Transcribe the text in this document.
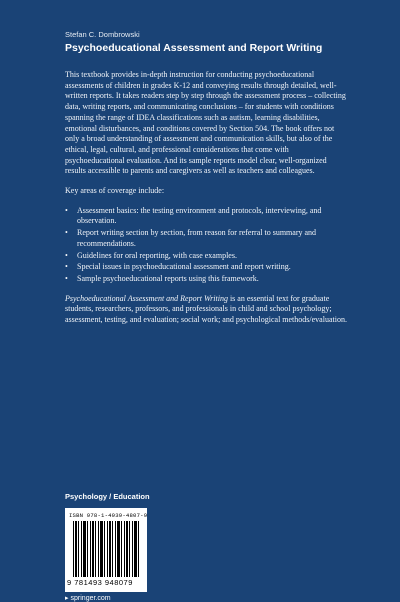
Stefan C. Dombrowski
Psychoeducational Assessment and Report Writing

This textbook provides in-depth instruction for conducting psychoeducational assessments of children in grades K-12 and conveying results through detailed, well-written reports. It takes readers step by step through the assessment process – collecting data, writing reports, and communicating conclusions – for students with conditions spanning the range of IDEA classifications such as autism, learning disabilities, emotional disturbances, and conditions covered by Section 504. The book offers not only a broad understanding of assessment and communication skills, but also of the ethical, legal, cultural, and professional considerations that come with psychoeducational evaluation. And its sample reports model clear, well-organized results accessible to parents and caregivers as well as teachers and colleagues.

Key areas of coverage include:

• Assessment basics: the testing environment and protocols, interviewing, and observation.
• Report writing section by section, from reason for referral to summary and recommendations.
• Guidelines for oral reporting, with case examples.
• Special issues in psychoeducational assessment and report writing.
• Sample psychoeducational reports using this framework.

Psychoeducational Assessment and Report Writing is an essential text for graduate students, researchers, professors, and professionals in child and school psychology; assessment, testing, and evaluation; social work; and psychological methods/evaluation.

Psychology / Education
ISBN 978-1-4939-4807-9
9 781493 948079
▸ springer.com
